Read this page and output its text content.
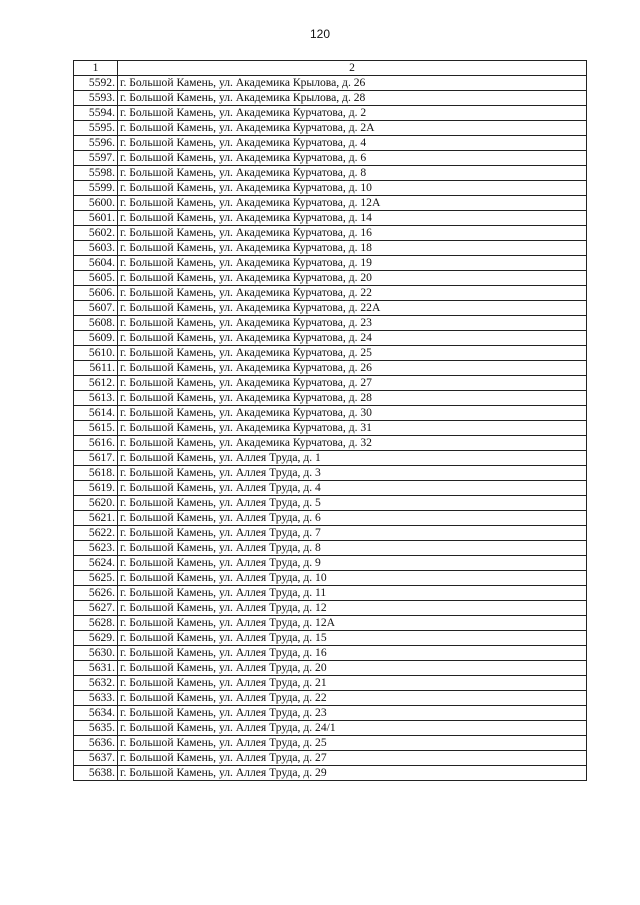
120
1	2
5592.	г. Большой Камень, ул. Академика Крылова, д. 26
5593.	г. Большой Камень, ул. Академика Крылова, д. 28
5594.	г. Большой Камень, ул. Академика Курчатова, д. 2
5595.	г. Большой Камень, ул. Академика Курчатова, д. 2А
5596.	г. Большой Камень, ул. Академика Курчатова, д. 4
5597.	г. Большой Камень, ул. Академика Курчатова, д. 6
5598.	г. Большой Камень, ул. Академика Курчатова, д. 8
5599.	г. Большой Камень, ул. Академика Курчатова, д. 10
5600.	г. Большой Камень, ул. Академика Курчатова, д. 12А
5601.	г. Большой Камень, ул. Академика Курчатова, д. 14
5602.	г. Большой Камень, ул. Академика Курчатова, д. 16
5603.	г. Большой Камень, ул. Академика Курчатова, д. 18
5604.	г. Большой Камень, ул. Академика Курчатова, д. 19
5605.	г. Большой Камень, ул. Академика Курчатова, д. 20
5606.	г. Большой Камень, ул. Академика Курчатова, д. 22
5607.	г. Большой Камень, ул. Академика Курчатова, д. 22А
5608.	г. Большой Камень, ул. Академика Курчатова, д. 23
5609.	г. Большой Камень, ул. Академика Курчатова, д. 24
5610.	г. Большой Камень, ул. Академика Курчатова, д. 25
5611.	г. Большой Камень, ул. Академика Курчатова, д. 26
5612.	г. Большой Камень, ул. Академика Курчатова, д. 27
5613.	г. Большой Камень, ул. Академика Курчатова, д. 28
5614.	г. Большой Камень, ул. Академика Курчатова, д. 30
5615.	г. Большой Камень, ул. Академика Курчатова, д. 31
5616.	г. Большой Камень, ул. Академика Курчатова, д. 32
5617.	г. Большой Камень, ул. Аллея Труда, д. 1
5618.	г. Большой Камень, ул. Аллея Труда, д. 3
5619.	г. Большой Камень, ул. Аллея Труда, д. 4
5620.	г. Большой Камень, ул. Аллея Труда, д. 5
5621.	г. Большой Камень, ул. Аллея Труда, д. 6
5622.	г. Большой Камень, ул. Аллея Труда, д. 7
5623.	г. Большой Камень, ул. Аллея Труда, д. 8
5624.	г. Большой Камень, ул. Аллея Труда, д. 9
5625.	г. Большой Камень, ул. Аллея Труда, д. 10
5626.	г. Большой Камень, ул. Аллея Труда, д. 11
5627.	г. Большой Камень, ул. Аллея Труда, д. 12
5628.	г. Большой Камень, ул. Аллея Труда, д. 12А
5629.	г. Большой Камень, ул. Аллея Труда, д. 15
5630.	г. Большой Камень, ул. Аллея Труда, д. 16
5631.	г. Большой Камень, ул. Аллея Труда, д. 20
5632.	г. Большой Камень, ул. Аллея Труда, д. 21
5633.	г. Большой Камень, ул. Аллея Труда, д. 22
5634.	г. Большой Камень, ул. Аллея Труда, д. 23
5635.	г. Большой Камень, ул. Аллея Труда, д. 24/1
5636.	г. Большой Камень, ул. Аллея Труда, д. 25
5637.	г. Большой Камень, ул. Аллея Труда, д. 27
5638.	г. Большой Камень, ул. Аллея Труда, д. 29
